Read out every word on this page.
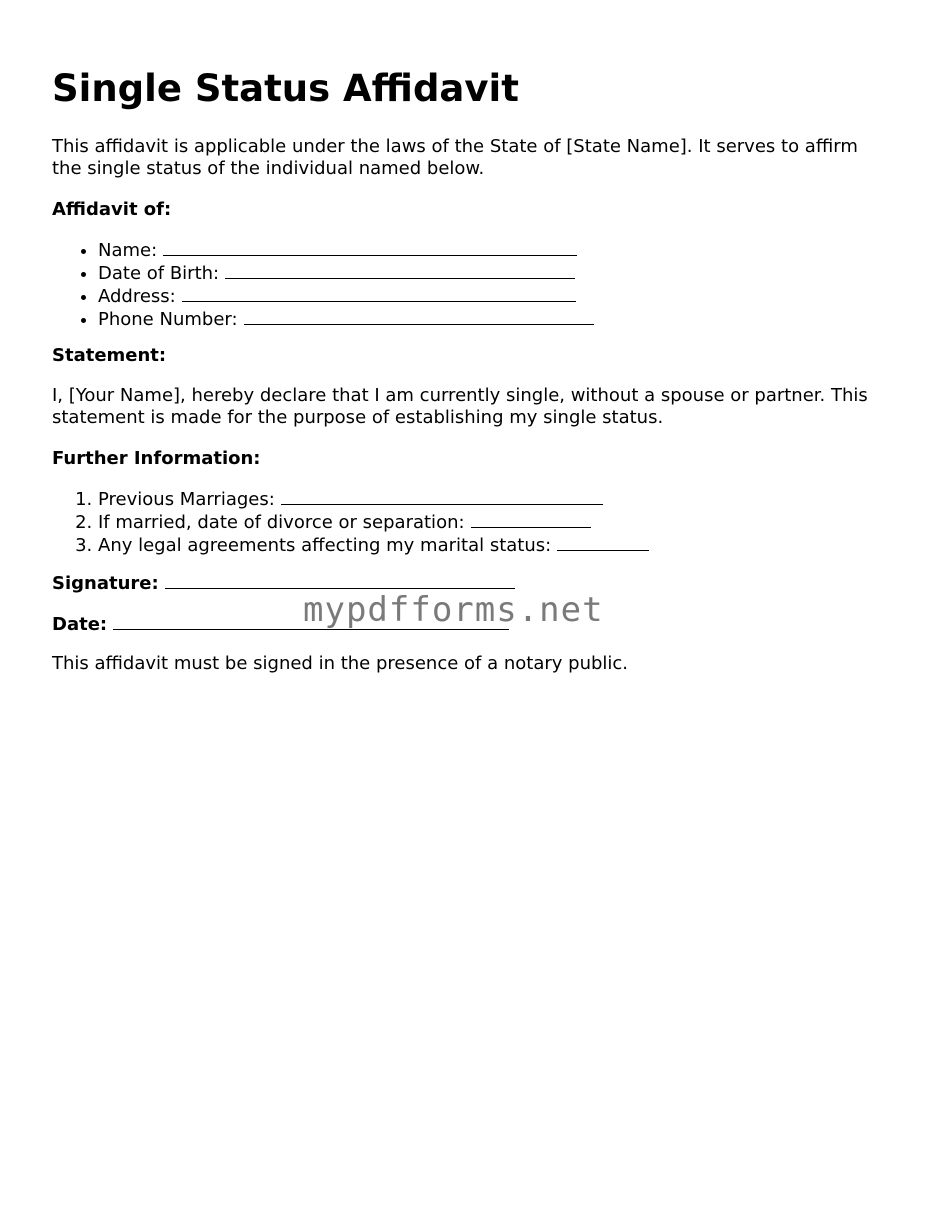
Single Status Affidavit
This affidavit is applicable under the laws of the State of [State Name]. It serves to affirm
the single status of the individual named below.
Affidavit of:
• Name:
• Date of Birth:
• Address:
• Phone Number:
Statement:
I, [Your Name], hereby declare that I am currently single, without a spouse or partner. This
statement is made for the purpose of establishing my single status.
Further Information:
1. Previous Marriages:
2. If married, date of divorce or separation:
3. Any legal agreements affecting my marital status:
Signature:
Date:
This affidavit must be signed in the presence of a notary public.
mypdfforms.net
